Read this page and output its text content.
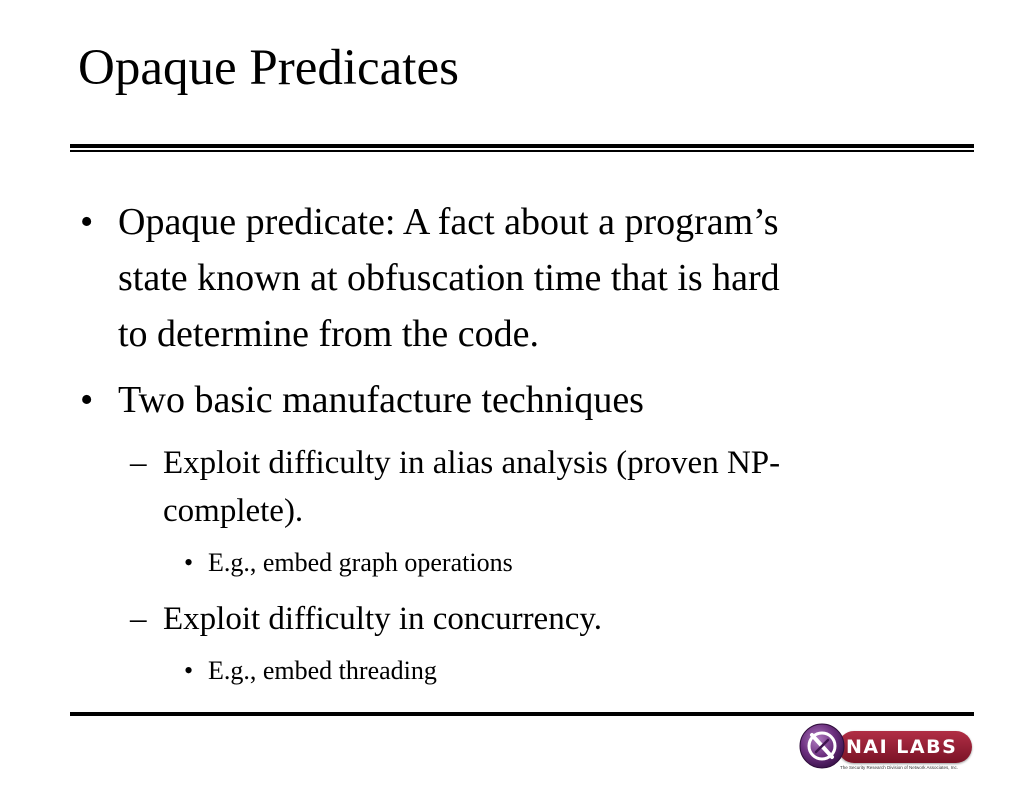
Opaque Predicates
• Opaque predicate: A fact about a program’s
state known at obfuscation time that is hard
to determine from the code.
• Two basic manufacture techniques
– Exploit difficulty in alias analysis (proven NP-
complete).
• E.g., embed graph operations
– Exploit difficulty in concurrency.
• E.g., embed threading
NAI LABS
The Security Research Division of Network Associates, Inc.
